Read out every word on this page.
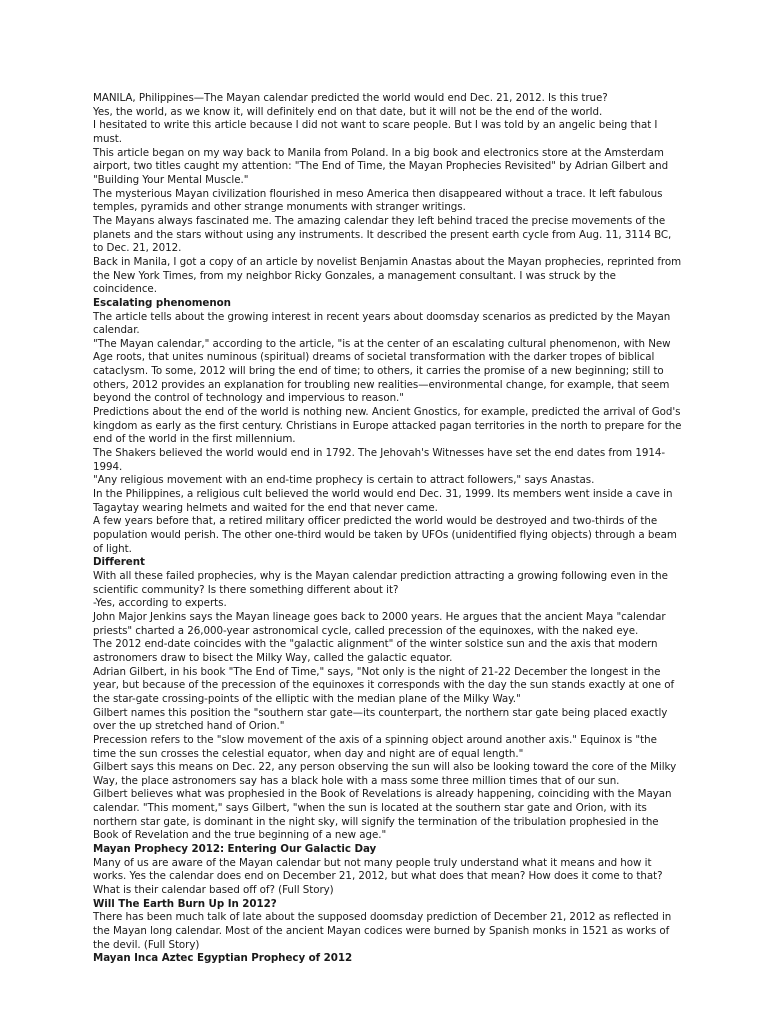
MANILA, Philippines—The Mayan calendar predicted the world would end Dec. 21, 2012. Is this true?

Yes, the world, as we know it, will definitely end on that date, but it will not be the end of the world.

I hesitated to write this article because I did not want to scare people. But I was told by an angelic being that I must.

This article began on my way back to Manila from Poland. In a big book and electronics store at the Amsterdam airport, two titles caught my attention: "The End of Time, the Mayan Prophecies Revisited" by Adrian Gilbert and "Building Your Mental Muscle."

The mysterious Mayan civilization flourished in meso America then disappeared without a trace. It left fabulous temples, pyramids and other strange monuments with stranger writings.

The Mayans always fascinated me. The amazing calendar they left behind traced the precise movements of the planets and the stars without using any instruments. It described the present earth cycle from Aug. 11, 3114 BC, to Dec. 21, 2012.

Back in Manila, I got a copy of an article by novelist Benjamin Anastas about the Mayan prophecies, reprinted from the New York Times, from my neighbor Ricky Gonzales, a management consultant. I was struck by the coincidence.

Escalating phenomenon

The article tells about the growing interest in recent years about doomsday scenarios as predicted by the Mayan calendar.

"The Mayan calendar," according to the article, "is at the center of an escalating cultural phenomenon, with New Age roots, that unites numinous (spiritual) dreams of societal transformation with the darker tropes of biblical cataclysm. To some, 2012 will bring the end of time; to others, it carries the promise of a new beginning; still to others, 2012 provides an explanation for troubling new realities—environmental change, for example, that seem beyond the control of technology and impervious to reason."

Predictions about the end of the world is nothing new. Ancient Gnostics, for example, predicted the arrival of God's kingdom as early as the first century. Christians in Europe attacked pagan territories in the north to prepare for the end of the world in the first millennium.

The Shakers believed the world would end in 1792. The Jehovah's Witnesses have set the end dates from 1914-1994.

"Any religious movement with an end-time prophecy is certain to attract followers," says Anastas.

In the Philippines, a religious cult believed the world would end Dec. 31, 1999. Its members went inside a cave in Tagaytay wearing helmets and waited for the end that never came.

A few years before that, a retired military officer predicted the world would be destroyed and two-thirds of the population would perish. The other one-third would be taken by UFOs (unidentified flying objects) through a beam of light.

Different

With all these failed prophecies, why is the Mayan calendar prediction attracting a growing following even in the scientific community? Is there something different about it?

-Yes, according to experts.

John Major Jenkins says the Mayan lineage goes back to 2000 years. He argues that the ancient Maya "calendar priests" charted a 26,000-year astronomical cycle, called precession of the equinoxes, with the naked eye.

The 2012 end-date coincides with the "galactic alignment" of the winter solstice sun and the axis that modern astronomers draw to bisect the Milky Way, called the galactic equator.

Adrian Gilbert, in his book "The End of Time," says, "Not only is the night of 21-22 December the longest in the year, but because of the precession of the equinoxes it corresponds with the day the sun stands exactly at one of the star-gate crossing-points of the elliptic with the median plane of the Milky Way."

Gilbert names this position the "southern star gate—its counterpart, the northern star gate being placed exactly over the up stretched hand of Orion."

Precession refers to the "slow movement of the axis of a spinning object around another axis." Equinox is "the time the sun crosses the celestial equator, when day and night are of equal length."

Gilbert says this means on Dec. 22, any person observing the sun will also be looking toward the core of the Milky Way, the place astronomers say has a black hole with a mass some three million times that of our sun.

Gilbert believes what was prophesied in the Book of Revelations is already happening, coinciding with the Mayan calendar. "This moment," says Gilbert, "when the sun is located at the southern star gate and Orion, with its northern star gate, is dominant in the night sky, will signify the termination of the tribulation prophesied in the Book of Revelation and the true beginning of a new age."

Mayan Prophecy 2012: Entering Our Galactic Day

Many of us are aware of the Mayan calendar but not many people truly understand what it means and how it works. Yes the calendar does end on December 21, 2012, but what does that mean? How does it come to that? What is their calendar based off of? (Full Story)

Will The Earth Burn Up In 2012?

There has been much talk of late about the supposed doomsday prediction of December 21, 2012 as reflected in the Mayan long calendar. Most of the ancient Mayan codices were burned by Spanish monks in 1521 as works of the devil. (Full Story)

Mayan Inca Aztec Egyptian Prophecy of 2012
